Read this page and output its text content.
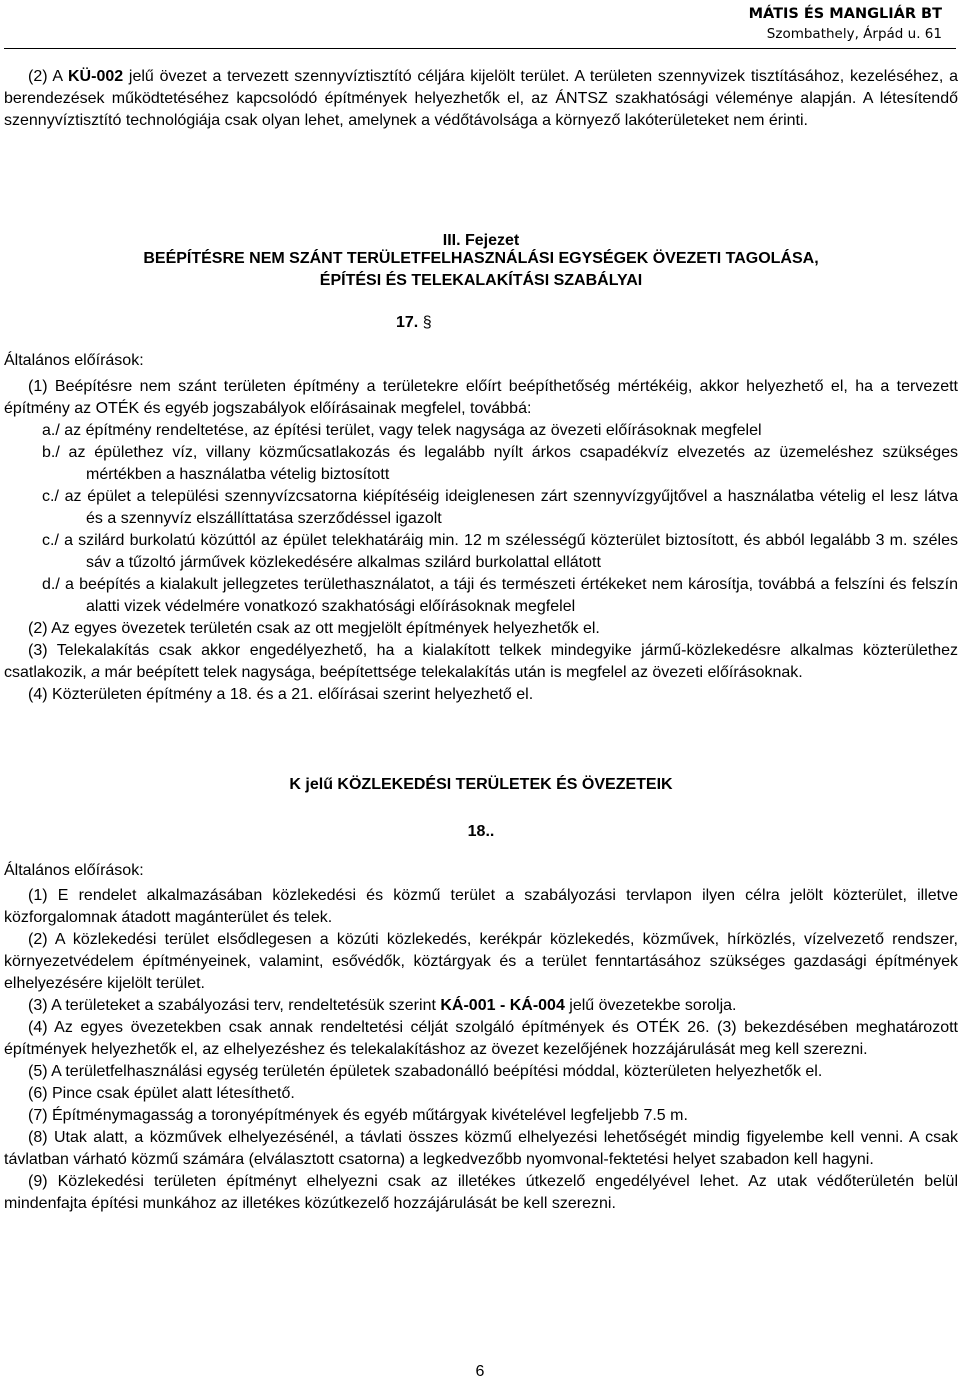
MÁTIS ÉS MANGLIÁR BT
Szombathely, Árpád u. 61
(2) A KÜ-002 jelű övezet a tervezett szennyvíztisztító céljára kijelölt terület. A területen szennyvizek tisztításához, kezeléséhez, a berendezések működtetéséhez kapcsolódó építmények helyezhetők el, az ÁNTSZ szakhatósági véleménye alapján. A létesítendő szennyvíztisztító technológiája csak olyan lehet, amelynek a védőtávolsága a környező lakóterületeket nem érinti.
III. Fejezet
BEÉPÍTÉSRE NEM SZÁNT TERÜLETFELHASZNÁLÁSI EGYSÉGEK ÖVEZETI TAGOLÁSA,
ÉPÍTÉSI ÉS TELEKALAKÍTÁSI SZABÁLYAI
17. §
Általános előírások:
(1) Beépítésre nem szánt területen építmény a területekre előírt beépíthetőség mértékéig, akkor helyezhető el, ha a tervezett építmény az OTÉK és egyéb jogszabályok előírásainak megfelel, továbbá:
a./ az építmény rendeltetése, az építési terület, vagy telek nagysága az övezeti előírásoknak megfelel
b./ az épülethez víz, villany közműcsatlakozás és legalább nyílt árkos csapadékvíz elvezetés az üzemeléshez szükséges mértékben a használatba vételig biztosított
c./ az épület a települési szennyvízcsatorna kiépítéséig ideiglenesen zárt szennyvízgyűjtővel a használatba vételig el lesz látva és a szennyvíz elszállíttatása szerződéssel igazolt
c./ a szilárd burkolatú közúttól az épület telekhatáráig min. 12 m szélességű közterület biztosított, és abból legalább 3 m. széles sáv a tűzoltó járművek közlekedésére alkalmas szilárd burkolattal ellátott
d./ a beépítés a kialakult jellegzetes területhasználatot, a táji és természeti értékeket nem károsítja, továbbá a felszíni és felszín alatti vizek védelmére vonatkozó szakhatósági előírásoknak megfelel
(2) Az egyes övezetek területén csak az ott megjelölt építmények helyezhetők el.
(3) Telekalakítás csak akkor engedélyezhető, ha a kialakított telkek mindegyike jármű-közlekedésre alkalmas közterülethez csatlakozik, a már beépített telek nagysága, beépítettsége telekalakítás után is megfelel az övezeti előírásoknak.
(4) Közterületen építmény a 18. és a 21. előírásai szerint helyezhető el.
K jelű KÖZLEKEDÉSI TERÜLETEK ÉS ÖVEZETEIK
18..
Általános előírások:
(1) E rendelet alkalmazásában közlekedési és közmű terület a szabályozási tervlapon ilyen célra jelölt közterület, illetve közforgalomnak átadott magánterület és telek.
(2) A közlekedési terület elsődlegesen a közúti közlekedés, kerékpár közlekedés, közművek, hírközlés, vízelvezető rendszer, környezetvédelem építményeinek, valamint, esővédők, köztárgyak és a terület fenntartásához szükséges gazdasági építmények elhelyezésére kijelölt terület.
(3) A területeket a szabályozási terv, rendeltetésük szerint KÁ-001 - KÁ-004 jelű övezetekbe sorolja.
(4) Az egyes övezetekben csak annak rendeltetési célját szolgáló építmények és OTÉK 26. (3) bekezdésében meghatározott építmények helyezhetők el, az elhelyezéshez és telekalakításhoz az övezet kezelőjének hozzájárulását meg kell szerezni.
(5) A területfelhasználási egység területén épületek szabadonálló beépítési móddal, közterületen helyezhetők el.
(6) Pince csak épület alatt létesíthető.
(7) Építménymagasság a toronyépítmények és egyéb műtárgyak kivételével legfeljebb 7.5 m.
(8) Utak alatt, a közművek elhelyezésénél, a távlati összes közmű elhelyezési lehetőségét mindig figyelembe kell venni. A csak távlatban várható közmű számára (elválasztott csatorna) a legkedvezőbb nyomvonal-fektetési helyet szabadon kell hagyni.
(9) Közlekedési területen építményt elhelyezni csak az illetékes útkezelő engedélyével lehet. Az utak védőterületén belül mindenfajta építési munkához az illetékes közútkezelő hozzájárulását be kell szerezni.
6
